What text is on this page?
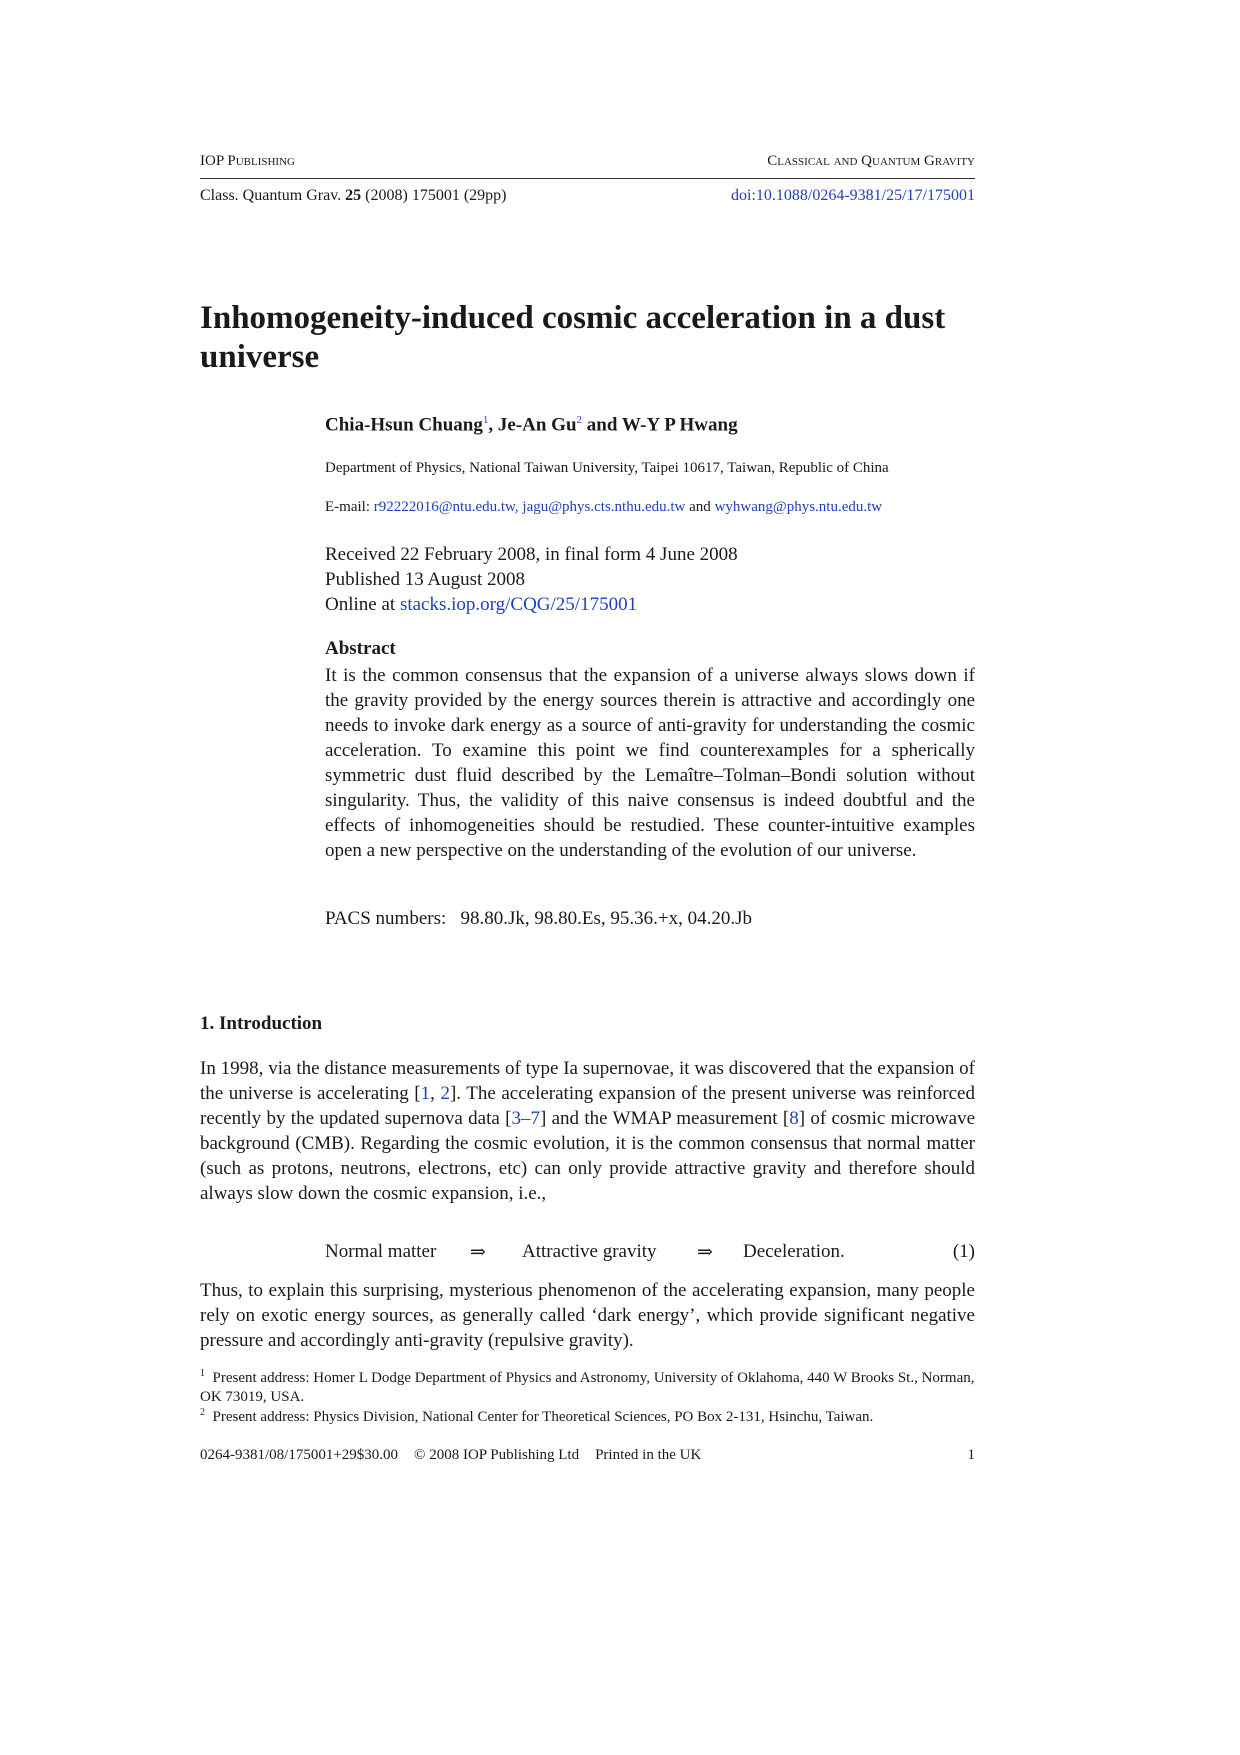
IOP Publishing	Classical and Quantum Gravity
Class. Quantum Grav. 25 (2008) 175001 (29pp)	doi:10.1088/0264-9381/25/17/175001
Inhomogeneity-induced cosmic acceleration in a dust universe
Chia-Hsun Chuang$^1$, Je-An Gu$^2$ and W-Y P Hwang
Department of Physics, National Taiwan University, Taipei 10617, Taiwan, Republic of China
E-mail: r92222016@ntu.edu.tw, jagu@phys.cts.nthu.edu.tw and wyhwang@phys.ntu.edu.tw
Received 22 February 2008, in final form 4 June 2008
Published 13 August 2008
Online at stacks.iop.org/CQG/25/175001
Abstract
It is the common consensus that the expansion of a universe always slows down if the gravity provided by the energy sources therein is attractive and accordingly one needs to invoke dark energy as a source of anti-gravity for understanding the cosmic acceleration. To examine this point we find counterexamples for a spherically symmetric dust fluid described by the Lemaître–Tolman–Bondi solution without singularity. Thus, the validity of this naive consensus is indeed doubtful and the effects of inhomogeneities should be restudied. These counter-intuitive examples open a new perspective on the understanding of the evolution of our universe.
PACS numbers:   98.80.Jk, 98.80.Es, 95.36.+x, 04.20.Jb
1. Introduction
In 1998, via the distance measurements of type Ia supernovae, it was discovered that the expansion of the universe is accelerating [1, 2]. The accelerating expansion of the present universe was reinforced recently by the updated supernova data [3–7] and the WMAP measurement [8] of cosmic microwave background (CMB). Regarding the cosmic evolution, it is the common consensus that normal matter (such as protons, neutrons, electrons, etc) can only provide attractive gravity and therefore should always slow down the cosmic expansion, i.e.,
Normal matter ⇒ Attractive gravity ⇒ Deceleration.	(1)
Thus, to explain this surprising, mysterious phenomenon of the accelerating expansion, many people rely on exotic energy sources, as generally called ‘dark energy’, which provide significant negative pressure and accordingly anti-gravity (repulsive gravity).
$^1$ Present address: Homer L Dodge Department of Physics and Astronomy, University of Oklahoma, 440 W Brooks St., Norman, OK 73019, USA.
$^2$ Present address: Physics Division, National Center for Theoretical Sciences, PO Box 2-131, Hsinchu, Taiwan.
0264-9381/08/175001+29$30.00 © 2008 IOP Publishing Ltd Printed in the UK	1
